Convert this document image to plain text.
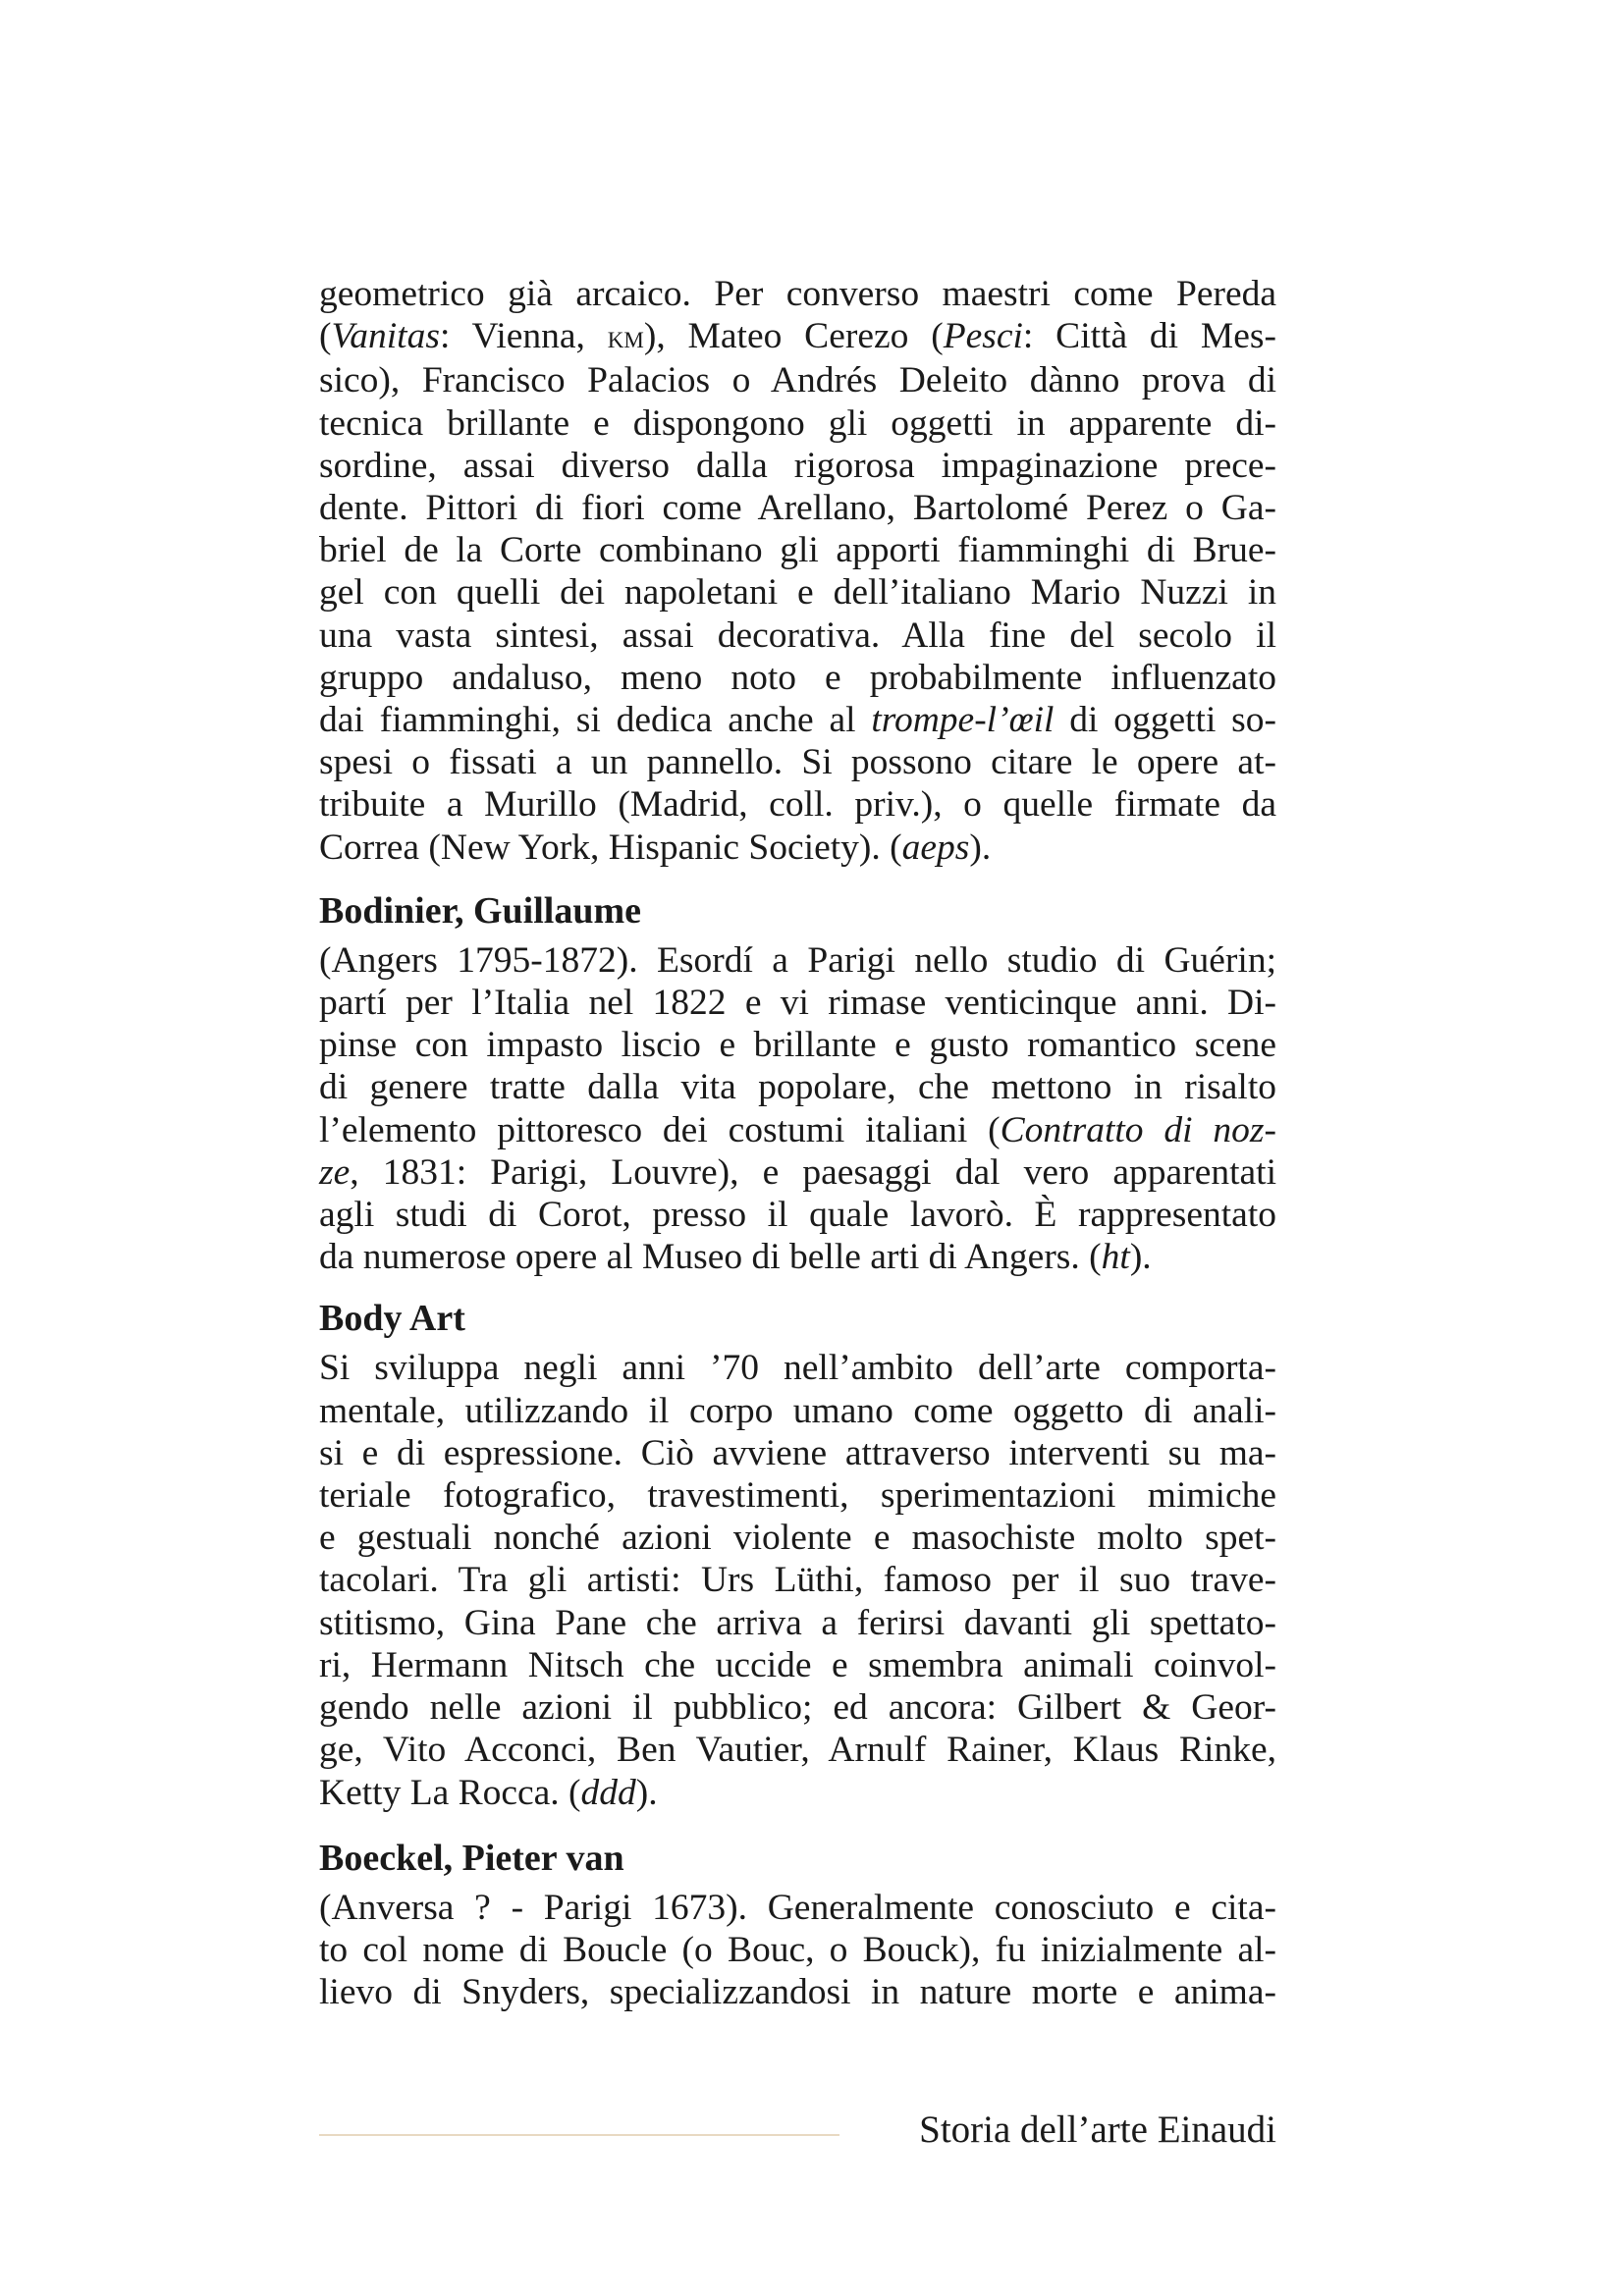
geometrico già arcaico. Per converso maestri come Pereda
(Vanitas: Vienna, km), Mateo Cerezo (Pesci: Città di Mes-
sico), Francisco Palacios o Andrés Deleito dànno prova di
tecnica brillante e dispongono gli oggetti in apparente di-
sordine, assai diverso dalla rigorosa impaginazione prece-
dente. Pittori di fiori come Arellano, Bartolomé Perez o Ga-
briel de la Corte combinano gli apporti fiamminghi di Brue-
gel con quelli dei napoletani e dell’italiano Mario Nuzzi in
una vasta sintesi, assai decorativa. Alla fine del secolo il
gruppo andaluso, meno noto e probabilmente influenzato
dai fiamminghi, si dedica anche al trompe-l’œil di oggetti so-
spesi o fissati a un pannello. Si possono citare le opere at-
tribuite a Murillo (Madrid, coll. priv.), o quelle firmate da
Correa (New York, Hispanic Society). (aeps).
Bodinier, Guillaume
(Angers 1795-1872). Esordí a Parigi nello studio di Guérin;
partí per l’Italia nel 1822 e vi rimase venticinque anni. Di-
pinse con impasto liscio e brillante e gusto romantico scene
di genere tratte dalla vita popolare, che mettono in risalto
l’elemento pittoresco dei costumi italiani (Contratto di noz-
ze, 1831: Parigi, Louvre), e paesaggi dal vero apparentati
agli studi di Corot, presso il quale lavorò. È rappresentato
da numerose opere al Museo di belle arti di Angers. (ht).
Body Art
Si sviluppa negli anni ’70 nell’ambito dell’arte comporta-
mentale, utilizzando il corpo umano come oggetto di anali-
si e di espressione. Ciò avviene attraverso interventi su ma-
teriale fotografico, travestimenti, sperimentazioni mimiche
e gestuali nonché azioni violente e masochiste molto spet-
tacolari. Tra gli artisti: Urs Lüthi, famoso per il suo trave-
stitismo, Gina Pane che arriva a ferirsi davanti gli spettato-
ri, Hermann Nitsch che uccide e smembra animali coinvol-
gendo nelle azioni il pubblico; ed ancora: Gilbert & Geor-
ge, Vito Acconci, Ben Vautier, Arnulf Rainer, Klaus Rinke,
Ketty La Rocca. (ddd).
Boeckel, Pieter van
(Anversa ? - Parigi 1673). Generalmente conosciuto e cita-
to col nome di Boucle (o Bouc, o Bouck), fu inizialmente al-
lievo di Snyders, specializzandosi in nature morte e anima-
Storia dell’arte Einaudi
